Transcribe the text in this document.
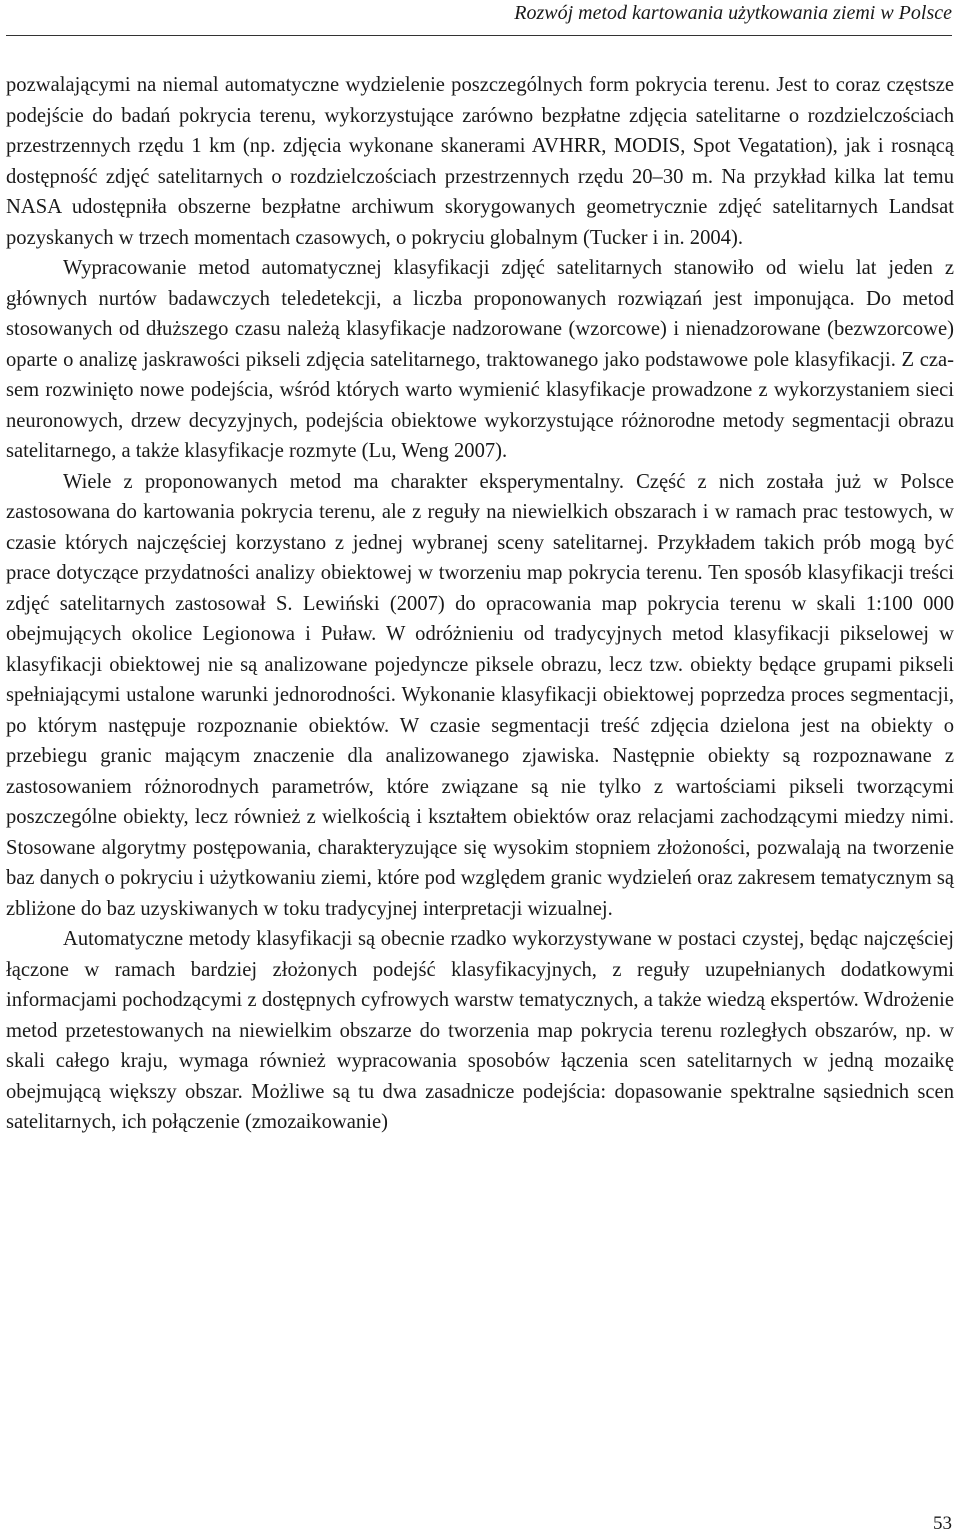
Rozwój metod kartowania użytkowania ziemi w Polsce

pozwalającymi na niemal automatyczne wydzielenie poszczególnych form pokrycia terenu. Jest to coraz częstsze podejście do badań pokrycia terenu, wykorzystujące zarówno bezpłatne zdjęcia satelitarne o rozdzielczościach przestrzennych rzędu 1 km (np. zdjęcia wykonane skanerami AVHRR, MODIS, Spot Vegatation), jak i rosnącą dostępność zdjęć satelitarnych o rozdzielczościach przestrzennych rzędu 20–30 m. Na przykład kilka lat temu NASA udostępniła obszerne bezpłatne archiwum skorygowanych geometrycznie zdjęć satelitarnych Landsat pozyskanych w trzech momentach czasowych, o pokryciu globalnym (Tucker i in. 2004).

Wypracowanie metod automatycznej klasyfikacji zdjęć satelitarnych stanowiło od wielu lat jeden z głównych nurtów badawczych teledetekcji, a liczba proponowanych rozwiązań jest imponująca. Do metod stosowanych od dłuższego czasu należą klasyfikacje nadzorowane (wzorcowe) i nienadzorowane (bezwzorcowe) oparte o analizę jaskrawości pikseli zdjęcia satelitarnego, traktowanego jako podstawowe pole klasyfikacji. Z czasem rozwinięto nowe podejścia, wśród których warto wymienić klasyfikacje prowadzone z wykorzystaniem sieci neuronowych, drzew decyzyjnych, podejścia obiektowe wykorzystujące różnorodne metody segmentacji obrazu satelitarnego, a także klasyfikacje rozmyte (Lu, Weng 2007).

Wiele z proponowanych metod ma charakter eksperymentalny. Część z nich została już w Polsce zastosowana do kartowania pokrycia terenu, ale z reguły na niewielkich obszarach i w ramach prac testowych, w czasie których najczęściej korzystano z jednej wybranej sceny satelitarnej. Przykładem takich prób mogą być prace dotyczące przydatności analizy obiektowej w tworzeniu map pokrycia terenu. Ten sposób klasyfikacji treści zdjęć satelitarnych zastosował S. Lewiński (2007) do opracowania map pokrycia terenu w skali 1:100 000 obejmujących okolice Legionowa i Puław. W odróżnieniu od tradycyjnych metod klasyfikacji pikselowej w klasyfikacji obiektowej nie są analizowane pojedyncze piksele obrazu, lecz tzw. obiekty będące grupami pikseli spełniającymi ustalone warunki jednorodności. Wykonanie klasyfikacji obiektowej poprzedza proces segmentacji, po którym następuje rozpoznanie obiektów. W czasie segmentacji treść zdjęcia dzielona jest na obiekty o przebiegu granic mającym znaczenie dla analizowanego zjawiska. Następnie obiekty są rozpoznawane z zastosowaniem różnorodnych parametrów, które związane są nie tylko z wartościami pikseli tworzącymi poszczególne obiekty, lecz również z wielkością i kształtem obiektów oraz relacjami zachodzącymi miedzy nimi. Stosowane algorytmy postępowania, charakteryzujące się wysokim stopniem złożoności, pozwalają na tworzenie baz danych o pokryciu i użytkowaniu ziemi, które pod względem granic wydzieleń oraz zakresem tematycznym są zbliżone do baz uzyskiwanych w toku tradycyjnej interpretacji wizualnej.

Automatyczne metody klasyfikacji są obecnie rzadko wykorzystywane w postaci czystej, będąc najczęściej łączone w ramach bardziej złożonych podejść klasyfikacyjnych, z reguły uzupełnianych dodatkowymi informacjami pochodzącymi z dostępnych cyfrowych warstw tematycznych, a także wiedzą ekspertów. Wdrożenie metod przetestowanych na niewielkim obszarze do tworzenia map pokrycia terenu rozległych obszarów, np. w skali całego kraju, wymaga również wypracowania sposobów łączenia scen satelitarnych w jedną mozaikę obejmującą większy obszar. Możliwe są tu dwa zasadnicze podejścia: dopasowanie spektralne sąsiednich scen satelitarnych, ich połączenie (zmozaikowanie)

53
